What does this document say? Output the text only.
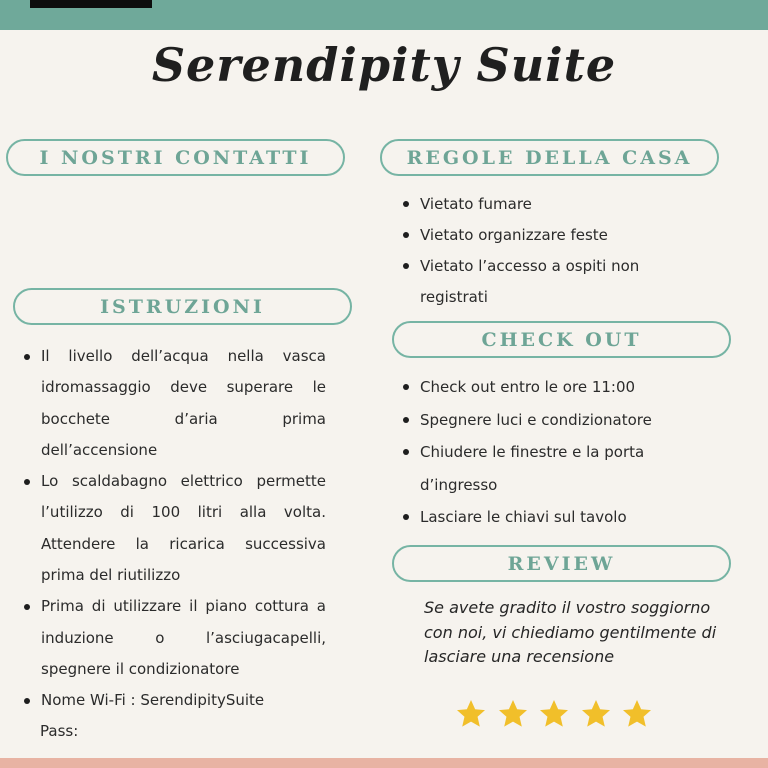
Serendipity Suite
I NOSTRI CONTATTI	REGOLE DELLA CASA
ISTRUZIONI
CHECK OUT
REVIEW
Il livello dell’acqua nella vasca idromassaggio deve superare le bocchete d’aria prima dell’accensione
Lo scaldabagno elettrico permette l’utilizzo di 100 litri alla volta. Attendere la ricarica successiva prima del riutilizzo
Prima di utilizzare il piano cottura a induzione o l’asciugacapelli, spegnere il condizionatore
Nome Wi-Fi : SerendipitySuite
Pass:
Vietato fumare
Vietato organizzare feste
Vietato l’accesso a ospiti non registrati
Check out entro le ore 11:00
Spegnere luci e condizionatore
Chiudere le finestre e la porta d’ingresso
Lasciare le chiavi sul tavolo

Se avete gradito il vostro soggiorno con noi, vi chiediamo gentilmente di lasciare una recensione
